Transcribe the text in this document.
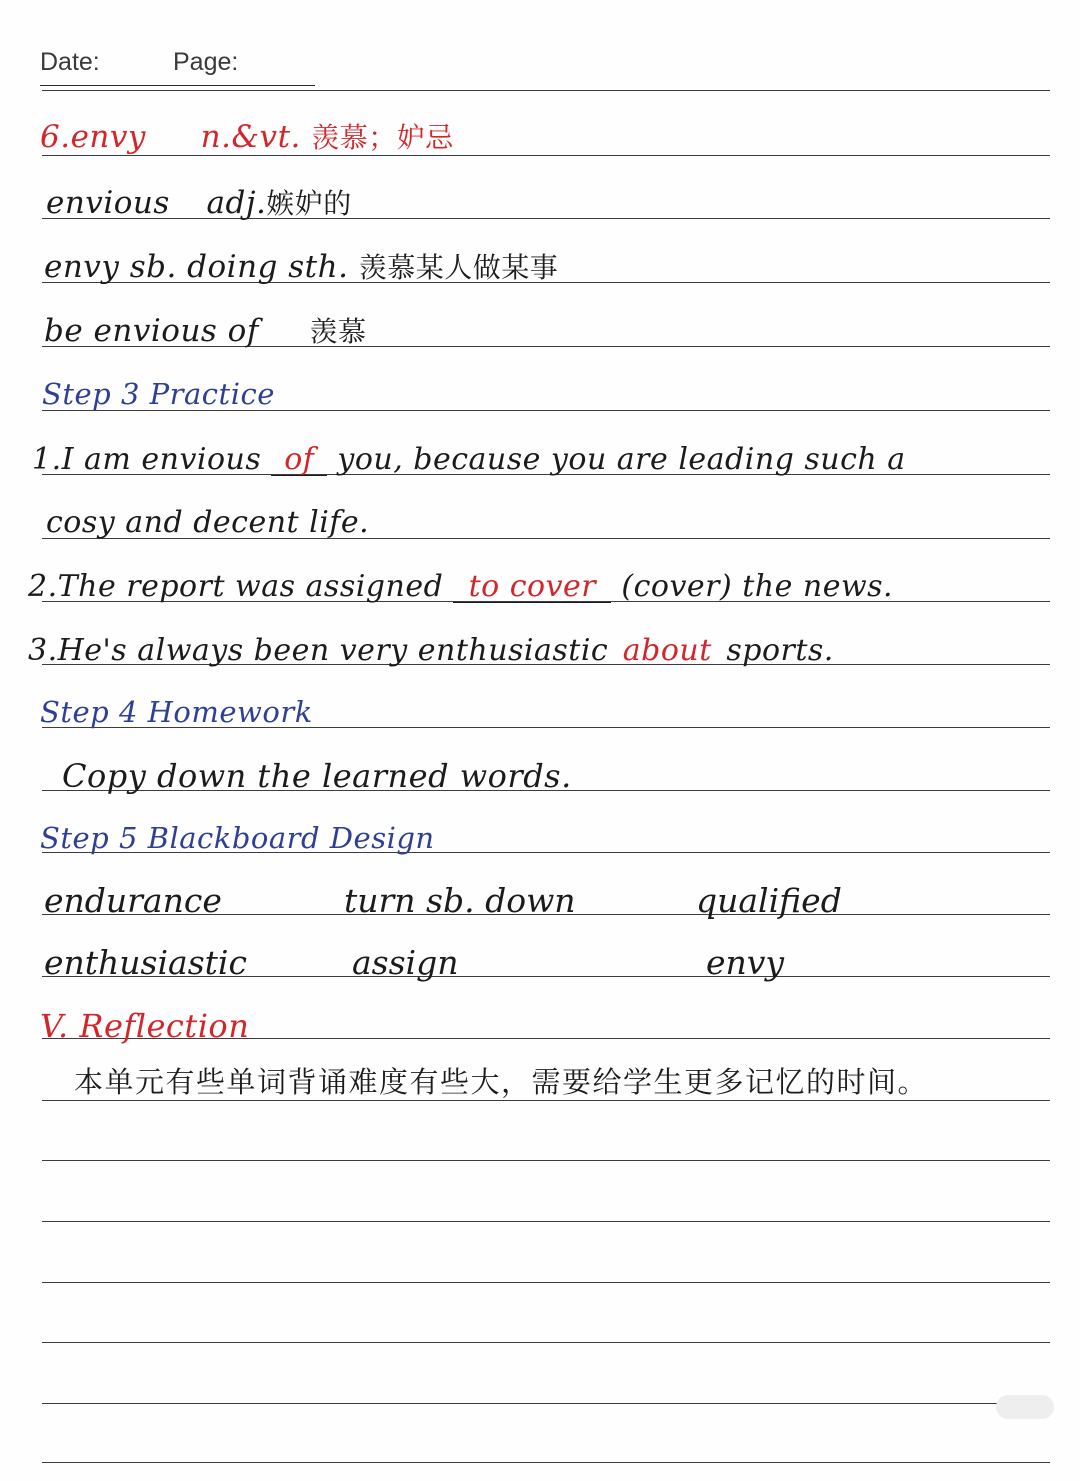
Date:	Page:
6.envy n.&vt. 羡慕；妒忌
envious adj.嫉妒的
envy sb. doing sth. 羡慕某人做某事
be envious of 羡慕
Step 3 Practice
1.I am envious of you, because you are leading such a
cosy and decent life.
2.The report was assigned to cover (cover) the news.
3.He's always been very enthusiastic about sports.
Step 4 Homework
Copy down the learned words.
Step 5 Blackboard Design
endurance	turn sb. down	qualified
enthusiastic	assign	envy
V. Reflection
本单元有些单词背诵难度有些大，需要给学生更多记忆的时间。
